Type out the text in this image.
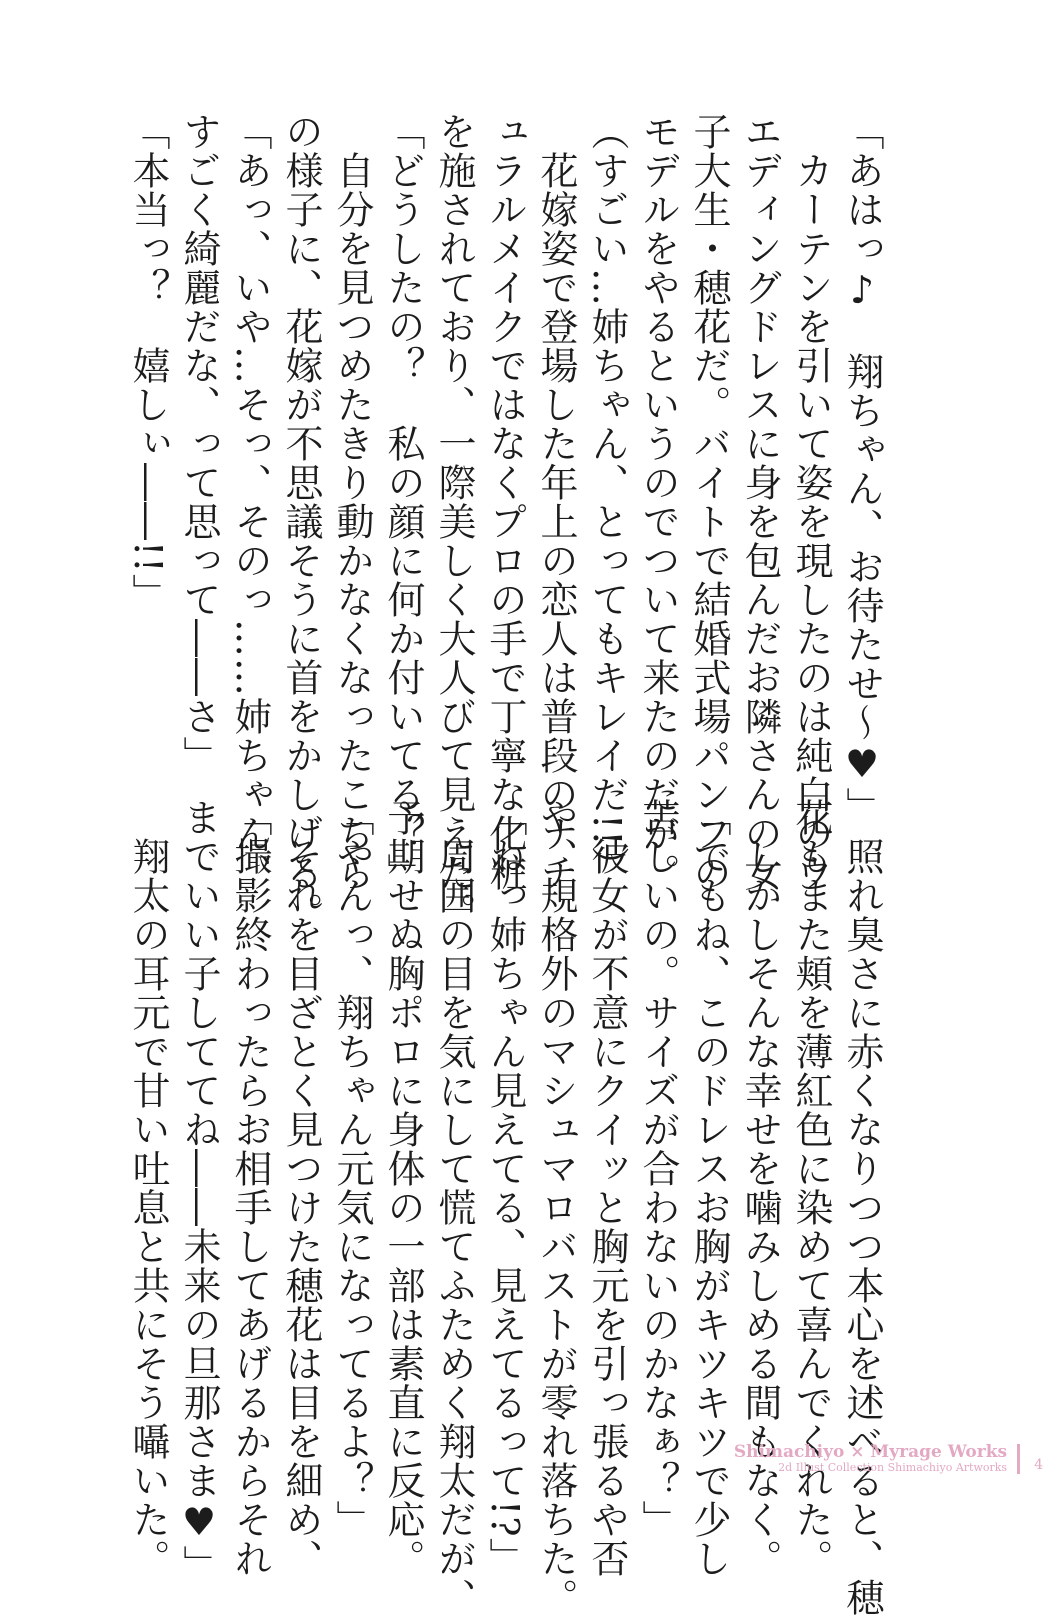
「あはっ♪　翔ちゃん、お待たせ〜♥」

　カーテンを引いて姿を現したのは純白のウ

エディングドレスに身を包んだお隣さんの女

子大生・穂花だ。バイトで結婚式場パンフの

モデルをやるというのでついて来たのだが。

（すごい…姉ちゃん、とってもキレイだ!!）

　花嫁姿で登場した年上の恋人は普段のナチ

ュラルメイクではなくプロの手で丁寧な化粧

を施されており、一際美しく大人びて見えた。

「どうしたの？　私の顔に何か付いてる？」

　自分を見つめたきり動かなくなったこちら

の様子に、花嫁が不思議そうに首をかしげる。

「あっ、いや…そっ、そのっ……姉ちゃん、

すごく綺麗だな、って思って――さ」

「本当っ？　嬉しぃ――!!」

　照れ臭さに赤くなりつつ本心を述べると、穂

花もまた頬を薄紅色に染めて喜んでくれた。

　しかしそんな幸せを噛みしめる間もなく。

「でもね、このドレスお胸がキツキツで少し

苦しいの。サイズが合わないのかなぁ？」

　彼女が不意にクイッと胸元を引っ張るや否

や、規格外のマシュマロバストが零れ落ちた。

「ねっ姉ちゃん見えてる、見えてるって!?」

　周囲の目を気にして慌てふためく翔太だが、

予期せぬ胸ポロに身体の一部は素直に反応。

「やんっ、翔ちゃん元気になってるよ？」

　それを目ざとく見つけた穂花は目を細め、

「撮影終わったらお相手してあげるからそれ

までいい子しててね――未来の旦那さま♥」

　翔太の耳元で甘い吐息と共にそう囁いた。	Shimachiyo × Myrage Works
2d Illust Collection Shimachiyo Artworks 4
